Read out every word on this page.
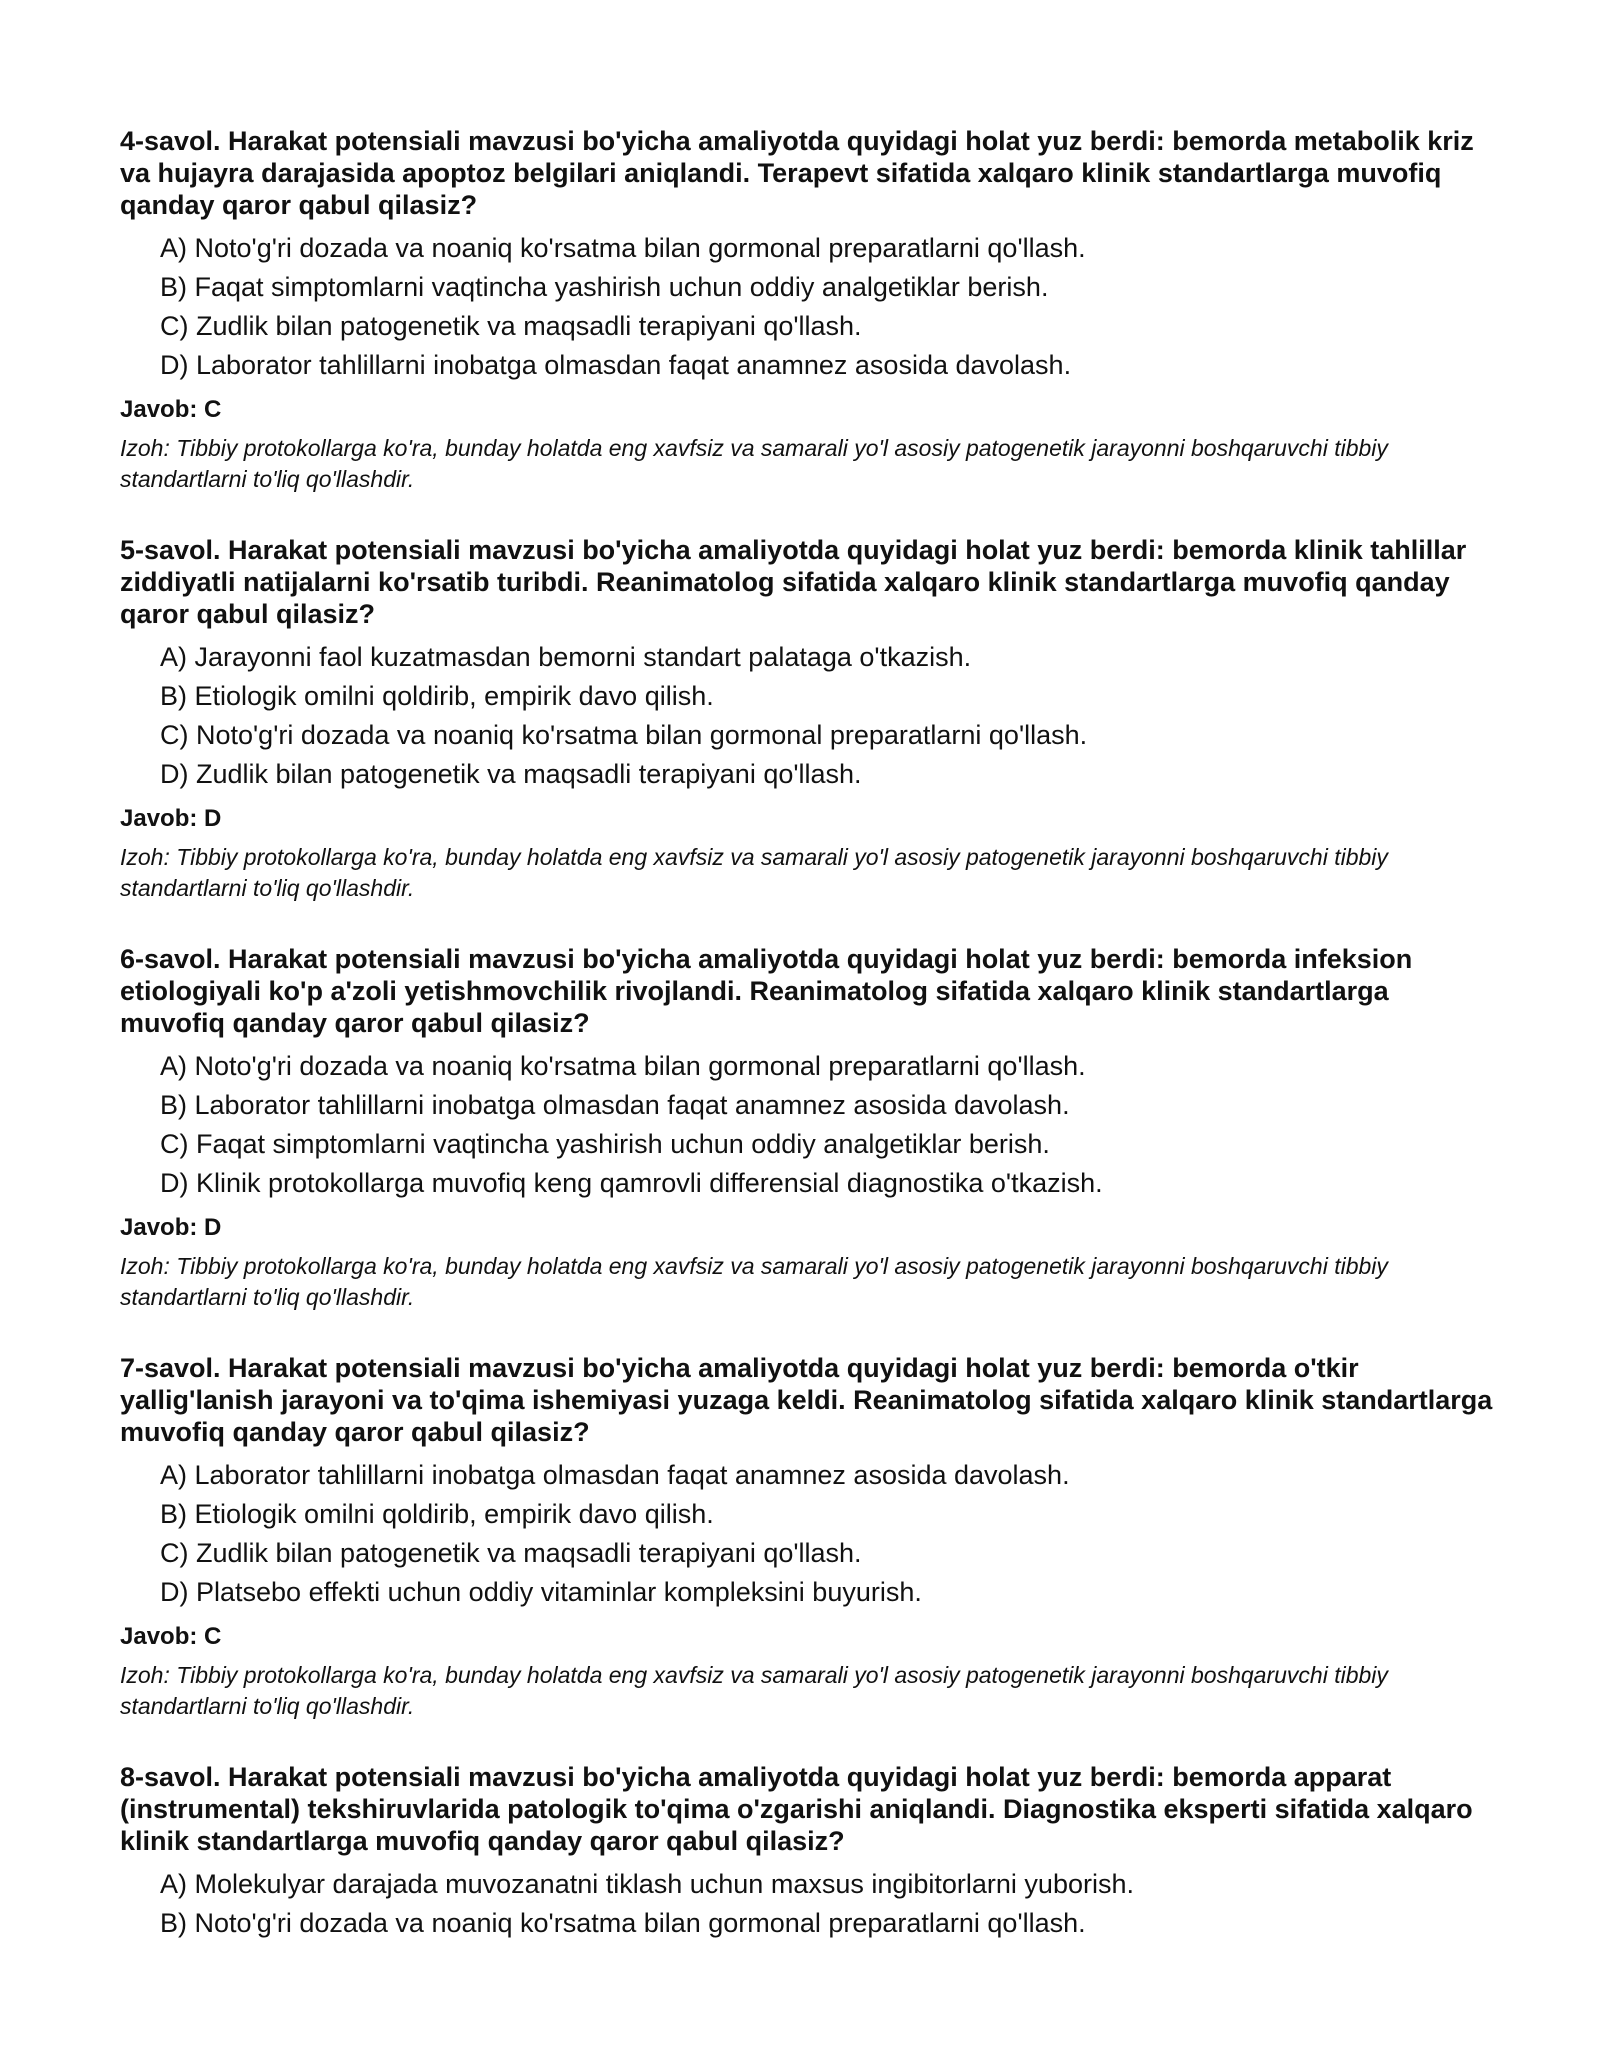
4-savol. Harakat potensiali mavzusi bo'yicha amaliyotda quyidagi holat yuz berdi: bemorda metabolik kriz va hujayra darajasida apoptoz belgilari aniqlandi. Terapevt sifatida xalqaro klinik standartlarga muvofiq qanday qaror qabul qilasiz?

A) Noto'g'ri dozada va noaniq ko'rsatma bilan gormonal preparatlarni qo'llash.
B) Faqat simptomlarni vaqtincha yashirish uchun oddiy analgetiklar berish.
C) Zudlik bilan patogenetik va maqsadli terapiyani qo'llash.
D) Laborator tahlillarni inobatga olmasdan faqat anamnez asosida davolash.

Javob: C

Izoh: Tibbiy protokollarga ko'ra, bunday holatda eng xavfsiz va samarali yo'l asosiy patogenetik jarayonni boshqaruvchi tibbiy standartlarni to'liq qo'llashdir.

5-savol. Harakat potensiali mavzusi bo'yicha amaliyotda quyidagi holat yuz berdi: bemorda klinik tahlillar ziddiyatli natijalarni ko'rsatib turibdi. Reanimatolog sifatida xalqaro klinik standartlarga muvofiq qanday qaror qabul qilasiz?

A) Jarayonni faol kuzatmasdan bemorni standart palataga o'tkazish.
B) Etiologik omilni qoldirib, empirik davo qilish.
C) Noto'g'ri dozada va noaniq ko'rsatma bilan gormonal preparatlarni qo'llash.
D) Zudlik bilan patogenetik va maqsadli terapiyani qo'llash.

Javob: D

Izoh: Tibbiy protokollarga ko'ra, bunday holatda eng xavfsiz va samarali yo'l asosiy patogenetik jarayonni boshqaruvchi tibbiy standartlarni to'liq qo'llashdir.

6-savol. Harakat potensiali mavzusi bo'yicha amaliyotda quyidagi holat yuz berdi: bemorda infeksion etiologiyali ko'p a'zoli yetishmovchilik rivojlandi. Reanimatolog sifatida xalqaro klinik standartlarga muvofiq qanday qaror qabul qilasiz?

A) Noto'g'ri dozada va noaniq ko'rsatma bilan gormonal preparatlarni qo'llash.
B) Laborator tahlillarni inobatga olmasdan faqat anamnez asosida davolash.
C) Faqat simptomlarni vaqtincha yashirish uchun oddiy analgetiklar berish.
D) Klinik protokollarga muvofiq keng qamrovli differensial diagnostika o'tkazish.

Javob: D

Izoh: Tibbiy protokollarga ko'ra, bunday holatda eng xavfsiz va samarali yo'l asosiy patogenetik jarayonni boshqaruvchi tibbiy standartlarni to'liq qo'llashdir.

7-savol. Harakat potensiali mavzusi bo'yicha amaliyotda quyidagi holat yuz berdi: bemorda o'tkir yallig'lanish jarayoni va to'qima ishemiyasi yuzaga keldi. Reanimatolog sifatida xalqaro klinik standartlarga muvofiq qanday qaror qabul qilasiz?

A) Laborator tahlillarni inobatga olmasdan faqat anamnez asosida davolash.
B) Etiologik omilni qoldirib, empirik davo qilish.
C) Zudlik bilan patogenetik va maqsadli terapiyani qo'llash.
D) Platsebo effekti uchun oddiy vitaminlar kompleksini buyurish.

Javob: C

Izoh: Tibbiy protokollarga ko'ra, bunday holatda eng xavfsiz va samarali yo'l asosiy patogenetik jarayonni boshqaruvchi tibbiy standartlarni to'liq qo'llashdir.

8-savol. Harakat potensiali mavzusi bo'yicha amaliyotda quyidagi holat yuz berdi: bemorda apparat (instrumental) tekshiruvlarida patologik to'qima o'zgarishi aniqlandi. Diagnostika eksperti sifatida xalqaro klinik standartlarga muvofiq qanday qaror qabul qilasiz?

A) Molekulyar darajada muvozanatni tiklash uchun maxsus ingibitorlarni yuborish.
B) Noto'g'ri dozada va noaniq ko'rsatma bilan gormonal preparatlarni qo'llash.
